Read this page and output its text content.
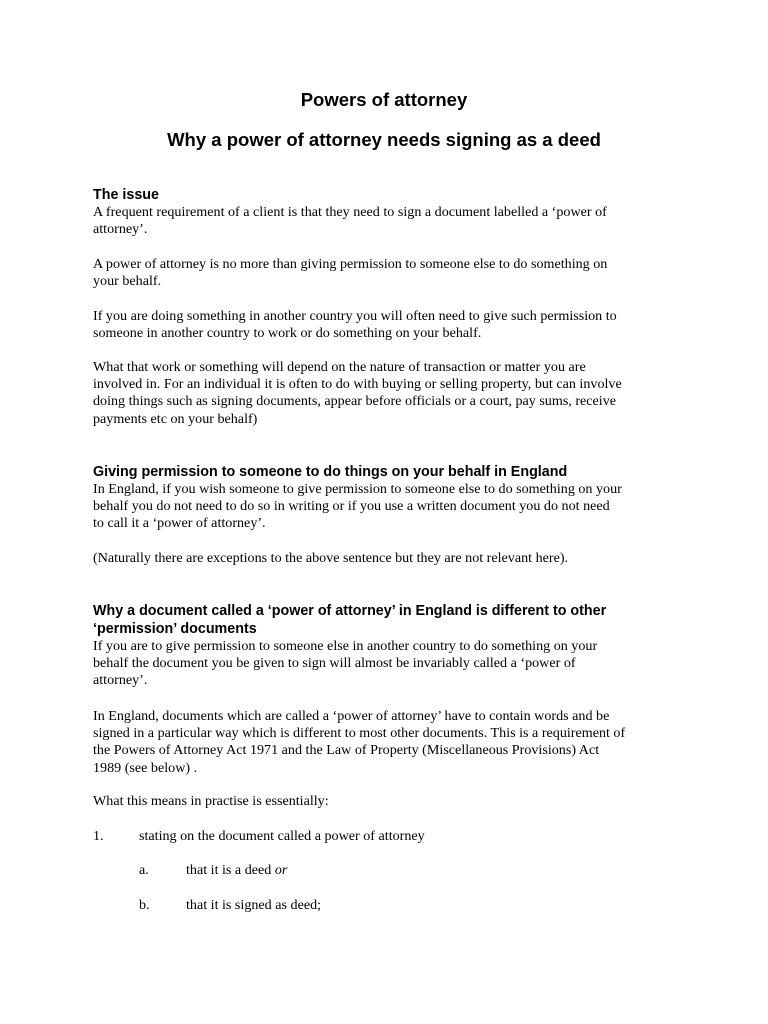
Powers of attorney
Why a power of attorney needs signing as a deed
The issue

A frequent requirement of a client is that they need to sign a document labelled a ‘power of
attorney’.

A power of attorney is no more than giving permission to someone else to do something on
your behalf.

If you are doing something in another country you will often need to give such permission to
someone in another country to work or do something on your behalf.

What that work or something will depend on the nature of transaction or matter you are
involved in. For an individual it is often to do with buying or selling property, but can involve
doing things such as signing documents, appear before officials or a court, pay sums, receive
payments etc on your behalf)

Giving permission to someone to do things on your behalf in England

In England, if you wish someone to give permission to someone else to do something on your
behalf you do not need to do so in writing or if you use a written document you do not need
to call it a ‘power of attorney’.

(Naturally there are exceptions to the above sentence but they are not relevant here).

Why a document called a ‘power of attorney’ in England is different to other
‘permission’ documents

If you are to give permission to someone else in another country to do something on your
behalf the document you be given to sign will almost be invariably called a ‘power of
attorney’.

In England, documents which are called a ‘power of attorney’ have to contain words and be
signed in a particular way which is different to most other documents. This is a requirement of
the Powers of Attorney Act 1971 and the Law of Property (Miscellaneous Provisions) Act
1989 (see below) .

What this means in practise is essentially:

1.	stating on the document called a power of attorney
a.	that it is a deed or
b.	that it is signed as deed;
